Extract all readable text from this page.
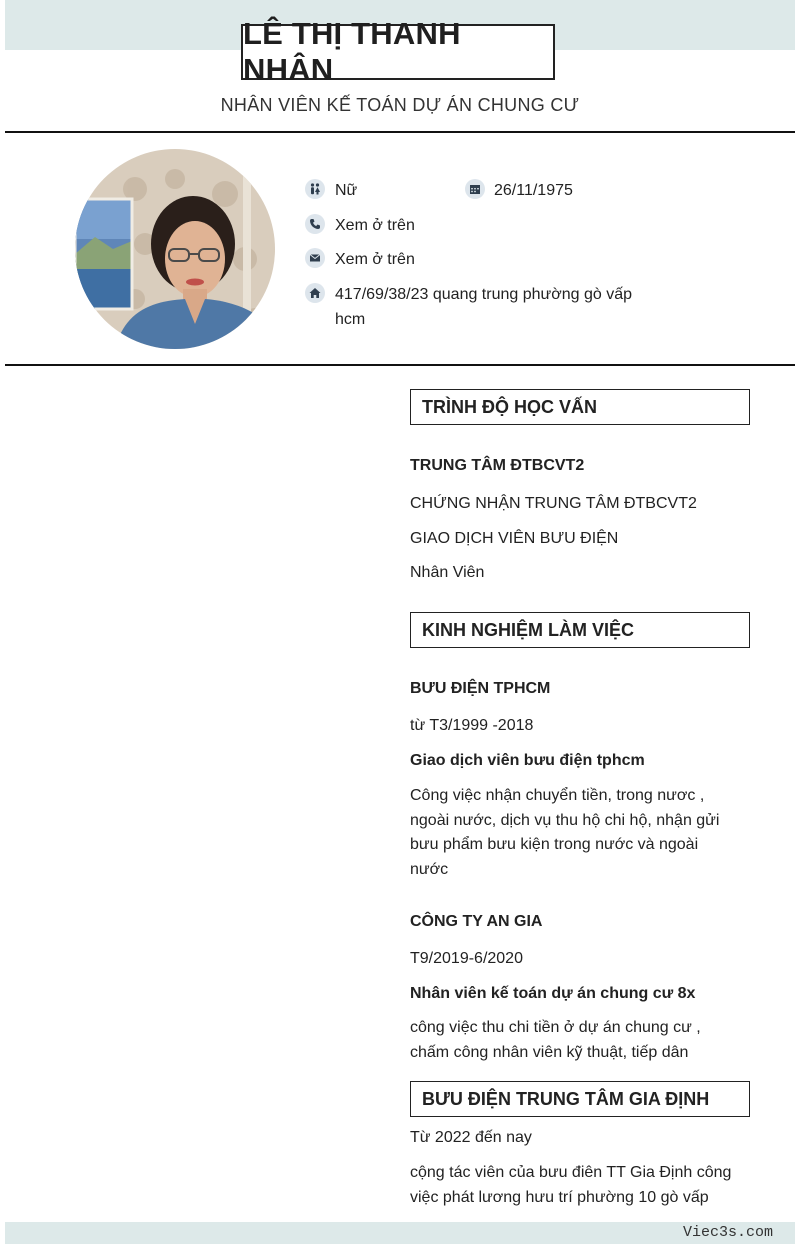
LÊ THỊ THANH NHÂN
NHÂN VIÊN KẾ TOÁN DỰ ÁN CHUNG CƯ
Nữ	26/11/1975
Xem ở trên
Xem ở trên
417/69/38/23 quang trung phường gò vấp
hcm
TRÌNH ĐỘ HỌC VẤN
TRUNG TÂM ĐTBCVT2
CHỨNG NHẬN TRUNG TÂM ĐTBCVT2
GIAO DỊCH VIÊN BƯU ĐIỆN
Nhân Viên
KINH NGHIỆM LÀM VIỆC
BƯU ĐIỆN TPHCM
từ T3/1999 -2018
Giao dịch viên bưu điện tphcm
Công việc nhận chuyển tiền, trong nươc ,
ngoài nước, dịch vụ thu hộ chi hộ, nhận gửi
bưu phẩm bưu kiện trong nước và ngoài
nước
CÔNG TY AN GIA
T9/2019-6/2020
Nhân viên kế toán dự án chung cư 8x
công việc thu chi tiền ở dự án chung cư ,
chấm công nhân viên kỹ thuật, tiếp dân
BƯU ĐIỆN TRUNG TÂM GIA ĐỊNH
Từ 2022 đến nay
cộng tác viên của bưu điên TT Gia Định công
việc phát lương hưu trí phường 10 gò vấp
Viec3s.com
